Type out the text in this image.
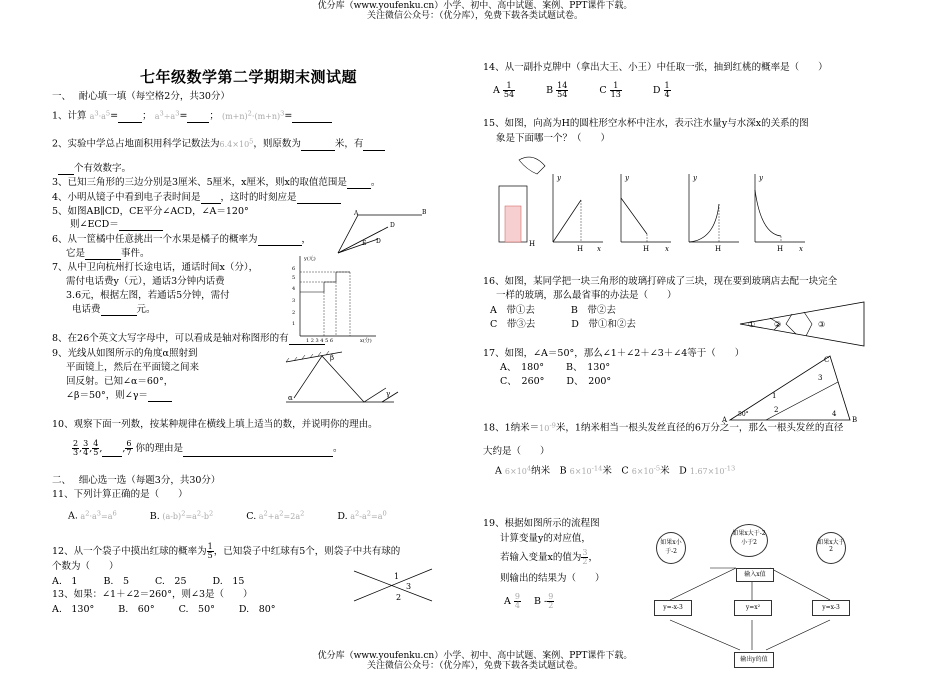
优分库（www.youfenku.cn）小学、初中、高中试题、案例、PPT课件下载。
关注微信公众号：（优分库），免费下载各类试题试卷。
优分库（www.youfenku.cn）小学、初中、高中试题、案例、PPT课件下载。
关注微信公众号：（优分库），免费下载各类试题试卷。
七年级数学第二学期期末测试题
一、　 耐心填一填（每空格2分，共30分）
1、计算 $a^3\cdot a^5=$	； $a^3\div a^3=$ ； $(m+n)^2\cdot(m+n)^3=$
2、实验中学总占地面积用科学记数法为$6.4\times 10^5$，则原数为	米，有
个有效数字。
3、已知三角形的三边分别是3厘米、5厘米，x厘米，则x的取值范围是	。
4、小明从镜子中看到电子表时间是 ，这时的时刻应是
5、如图AB∥CD，CE平分∠ACD，∠A＝120°
则∠ECD＝
6、从一筐橘中任意挑出一个水果是橘子的概率为	，
它是	事件。
7、从中卫向杭州打长途电话，通话时间x（分），
需付电话费y（元），通话3分钟内话费
3.6元，根据左图，若通话5分钟，需付
电话费	元。
8、在26个英文大写字母中，可以看成是轴对称图形的有
9、光线从如图所示的角度α照射到
平面镜上，然后在平面镜之间来
回反射。已知∠α＝60°，
∠β＝50°，则∠γ＝
10、观察下面一列数，按某种规律在横线上填上适当的数，并说明你的理由。
$\frac{2}{3}$ , $\frac{3}{4}$ , $\frac{4}{5}$ , , $\frac{6}{7}$ 你的理由是	。
二、　 细心选一选（每题3分，共30分）
11、下列计算正确的是（　　）
A. $a^2\cdot a^3=a^6$	B. $(a-b)^2=a^2-b^2$	C. $a^2+a^2=2a^2$	D. $a^2-a^2=a^0$
12、从一个袋子中摸出红球的概率为 $\frac{1}{5}$ ，已知袋子中红球有5个，则袋子中共有球的
个数为（　　）
A.　1	B.　5	C.　25	D.　15
13、如果：∠1＋∠2＝260°，则∠3是（　　）
A.　130°	B.　60°	C.　50°	D.　80°
A	B
D
E D
y(元)
6
5
4
3
2
1
1 2 3 4 5 6	x(分)
β
α	γ
1
3
2
14、从一副扑克牌中（拿出大王、小王）中任取一张，抽到红桃的概率是（　　）
A $\frac{1}{54}$	B $\frac{14}{54}$	C $\frac{1}{13}$	D $\frac{1}{4}$
15、如图，向高为H的圆柱形空水杯中注水，表示注水量y与水深x的关系的图
象是下面哪一个？（　　）
H
H x
y
H x
y
H
y
H x
y
16、如图，某同学把一块三角形的玻璃打碎成了三块，现在要到玻璃店去配一块完全
一样的玻璃，那么最省事的办法是（　　）
A　带①去	B　带②去
C　带③去	D　带①和②去	① ②	③
17、如图，∠A＝50°，那么∠1＋∠2＋∠3＋∠4等于（　　）
A、　180° B、　130°
C、　260° D、　200°
C
A	B
50°
3
1
2	4
18、1纳米$=10^{-9}$米，1纳米相当一根头发丝直径的6万分之一，那么一根头发丝的直径
大约是（　　）
A $6\times 10^4$纳米　B $6\times 10^{-14}$米　C $6\times 10^{-5}$米　D $1.67\times 10^{-13}$
19、根据如图所示的流程图
计算变量y的对应值，
若输入变量x的值为 $\frac{3}{2}$ ，
则输出的结果为（　　）
A $\frac{9}{4}$ B - $\frac{9}{2}$
如果x小于-2
如果x大于-2小于2	如果x大于2
输入x值
y=-x-3	y=x²	y=x-3
输出y的值
